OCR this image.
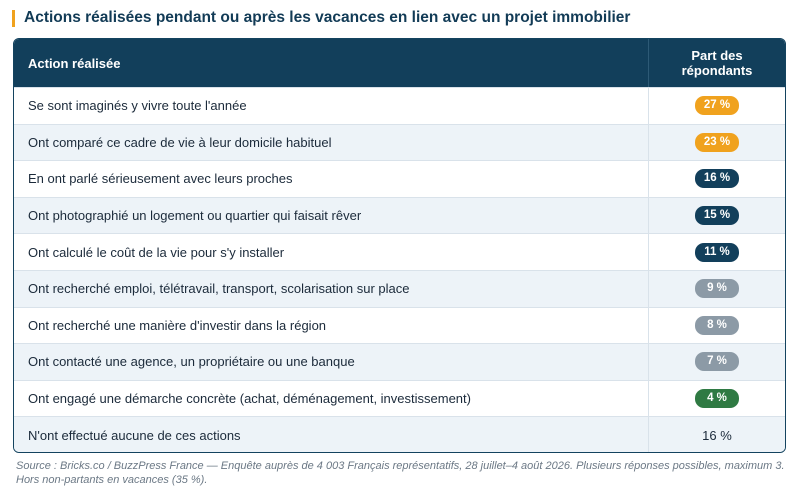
Actions réalisées pendant ou après les vacances en lien avec un projet immobilier
Action réalisée	Part des répondants
Se sont imaginés y vivre toute l'année	27 %
Ont comparé ce cadre de vie à leur domicile habituel	23 %
En ont parlé sérieusement avec leurs proches	16 %
Ont photographié un logement ou quartier qui faisait rêver	15 %
Ont calculé le coût de la vie pour s'y installer	11 %
Ont recherché emploi, télétravail, transport, scolarisation sur place	9 %
Ont recherché une manière d'investir dans la région	8 %
Ont contacté une agence, un propriétaire ou une banque	7 %
Ont engagé une démarche concrète (achat, déménagement, investissement)	4 %
N'ont effectué aucune de ces actions	16 %
Source : Bricks.co / BuzzPress France — Enquête auprès de 4 003 Français représentatifs, 28 juillet–4 août 2026. Plusieurs réponses possibles, maximum 3. Hors non-partants en vacances (35 %).
